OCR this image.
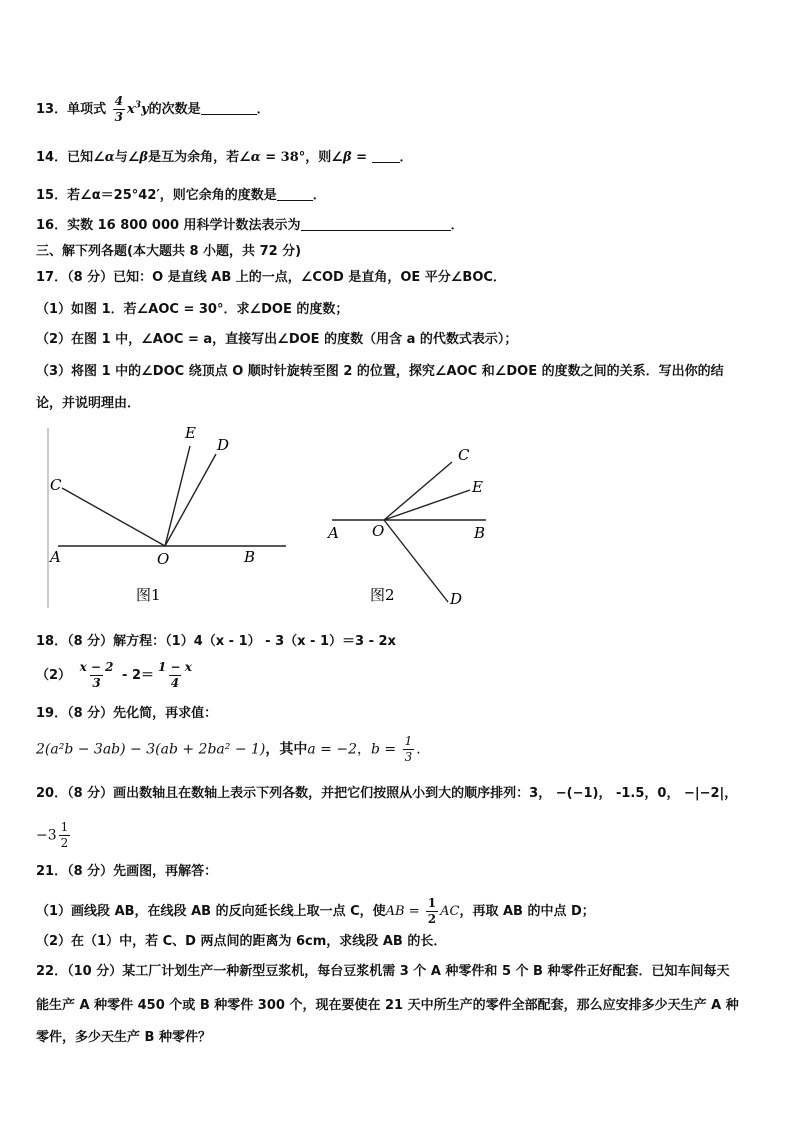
13．单项式 $\frac{4}{3} x^3y$的次数是	．
14．已知∠α与∠β是互为余角，若∠α = 38°，则∠β = ．
15．若∠α＝25°42′，则它余角的度数是	．
16．实数 16 800 000 用科学计数法表示为	．
三、解下列各题(本大题共 8 小题，共 72 分)
17．（8 分）已知：O 是直线 AB 上的一点，∠COD 是直角，OE 平分∠BOC．
（1）如图 1．若∠AOC = 30°．求∠DOE 的度数；
（2）在图 1 中，∠AOC = a，直接写出∠DOE 的度数（用含 a 的代数式表示）；
（3）将图 1 中的∠DOC 绕顶点 O 顺时针旋转至图 2 的位置，探究∠AOC 和∠DOE 的度数之间的关系．写出你的结
论，并说明理由．
C
E
D
A	O	B
图1
C
E
A O	B
D
图2
18．（8 分）解方程：（1）4（x - 1） - 3（x - 1）＝3 - 2x
$(2) \frac{x - 2}{3} - 2= \frac{1 - x}{4}$
19．（8 分）先化简，再求值：
2(a²b − 3ab) − 3(ab + 2ba² − 1)，其中a = −2，$b = \frac{1}{3}$ ．
20．（8 分）画出数轴且在数轴上表示下列各数，并把它们按照从小到大的顺序排列：3， −(−1)， -1.5，0， −|−2|，
$-3 \frac{1}{2}$
21．（8 分）先画图，再解答：
（1）画线段 AB，在线段 AB 的反向延长线上取一点 C，使AB = $\frac{1}{2}$ AC，再取 AB 的中点 D；
（2）在（1）中，若 C、D 两点间的距离为 6cm，求线段 AB 的长．
22．（10 分）某工厂计划生产一种新型豆浆机，每台豆浆机需 3 个 A 种零件和 5 个 B 种零件正好配套．已知车间每天
能生产 A 种零件 450 个或 B 种零件 300 个，现在要使在 21 天中所生产的零件全部配套，那么应安排多少天生产 A 种
零件，多少天生产 B 种零件？
